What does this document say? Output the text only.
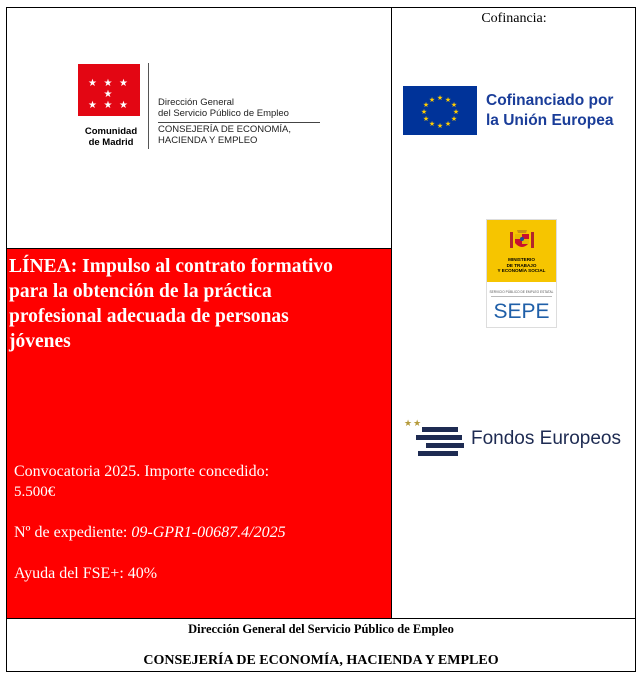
★ ★ ★ ★
★ ★ ★
Comunidad
de Madrid
Dirección General
del Servicio Público de Empleo
CONSEJERÍA DE ECONOMÍA,
HACIENDA Y EMPLEO
Cofinancia:
★ ★
★
★
★
★
★
★
★
★
★
★	Cofinanciado por
la Unión Europea
MINISTERIO
DE TRABAJO
Y ECONOMÍA SOCIAL
SERVICIO PÚBLICO DE EMPLEO ESTATAL
SEPE
★★
Fondos Europeos
LÍNEA: Impulso al contrato formativo para la obtención de la práctica profesional adecuada de personas jóvenes
Convocatoria 2025. Importe concedido:
5.500€
Nº de expediente: 09-GPR1-00687.4/2025
Ayuda del FSE+: 40%
Dirección General del Servicio Público de Empleo
CONSEJERÍA DE ECONOMÍA, HACIENDA Y EMPLEO
